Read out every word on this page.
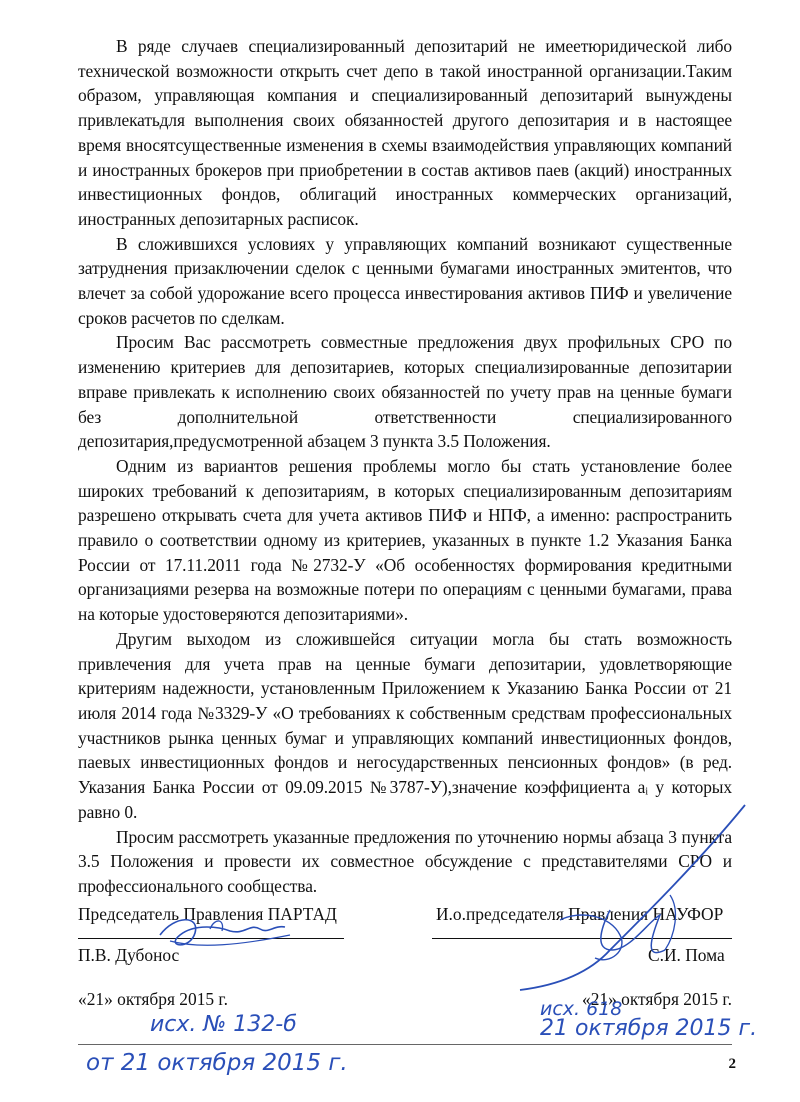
В ряде случаев специализированный депозитарий не имеетюридической либо технической возможности открыть счет депо в такой иностранной организации.Таким образом, управляющая компания и специализированный депозитарий вынуждены привлекатьдля выполнения своих обязанностей другого депозитария и в настоящее время вносятсущественные изменения в схемы взаимодействия управляющих компаний и иностранных брокеров при приобретении в состав активов паев (акций) иностранных инвестиционных фондов, облигаций иностранных коммерческих организаций, иностранных депозитарных расписок.

В сложившихся условиях у управляющих компаний возникают существенные затруднения призаключении сделок с ценными бумагами иностранных эмитентов, что влечет за собой удорожание всего процесса инвестирования активов ПИФ и увеличение сроков расчетов по сделкам.

Просим Вас рассмотреть совместные предложения двух профильных СРО по изменению критериев для депозитариев, которых специализированные депозитарии вправе привлекать к исполнению своих обязанностей по учету прав на ценные бумаги без дополнительной ответственности специализированного депозитария,предусмотренной абзацем 3 пункта 3.5 Положения.

Одним из вариантов решения проблемы могло бы стать установление более широких требований к депозитариям, в которых специализированным депозитариям разрешено открывать счета для учета активов ПИФ и НПФ, а именно: распространить правило о соответствии одному из критериев, указанных в пункте 1.2 Указания Банка России от 17.11.2011 года №2732-У «Об особенностях формирования кредитными организациями резерва на возможные потери по операциям с ценными бумагами, права на которые удостоверяются депозитариями».

Другим выходом из сложившейся ситуации могла бы стать возможность привлечения для учета прав на ценные бумаги депозитарии, удовлетворяющие критериям надежности, установленным Приложением к Указанию Банка России от 21 июля 2014 года №3329-У «О требованиях к собственным средствам профессиональных участников рынка ценных бумаг и управляющих компаний инвестиционных фондов, паевых инвестиционных фондов и негосударственных пенсионных фондов» (в ред. Указания Банка России от 09.09.2015 №3787-У),значение коэффициента aᵢ у которых равно 0.

Просим рассмотреть указанные предложения по уточнению нормы абзаца 3 пункта 3.5 Положения и провести их совместное обсуждение с представителями СРО и профессионального сообщества.

Председатель Правления ПАРТАД
П.В. Дубонос
«21» октября 2015 г.
И.о.председателя Правления НАУФОР
С.И. Пома
«21» октября 2015 г.
исх. № 132-б
от 21 октября 2015 г.
исх. 618
21 октября 2015 г.
2
